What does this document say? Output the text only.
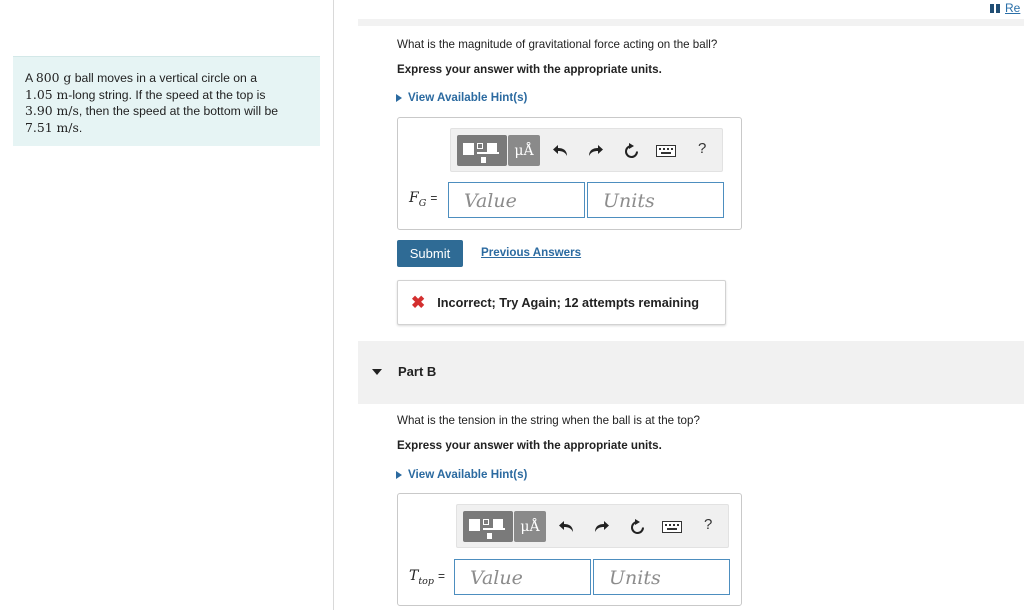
Re
A 800 g ball moves in a vertical circle on a
1.05 m-long string. If the speed at the top is
3.90 m/s, then the speed at the bottom will be
7.51 m/s.
What is the magnitude of gravitational force acting on the ball?
Express your answer with the appropriate units.
View Available Hint(s)
μÅ	?
$F_G$ =	Value	Units
Submit	Previous Answers
✖ Incorrect; Try Again; 12 attempts remaining
Part B
What is the tension in the string when the ball is at the top?
Express your answer with the appropriate units.
View Available Hint(s)
μÅ	?
$T_{top}$ =	Value	Units
